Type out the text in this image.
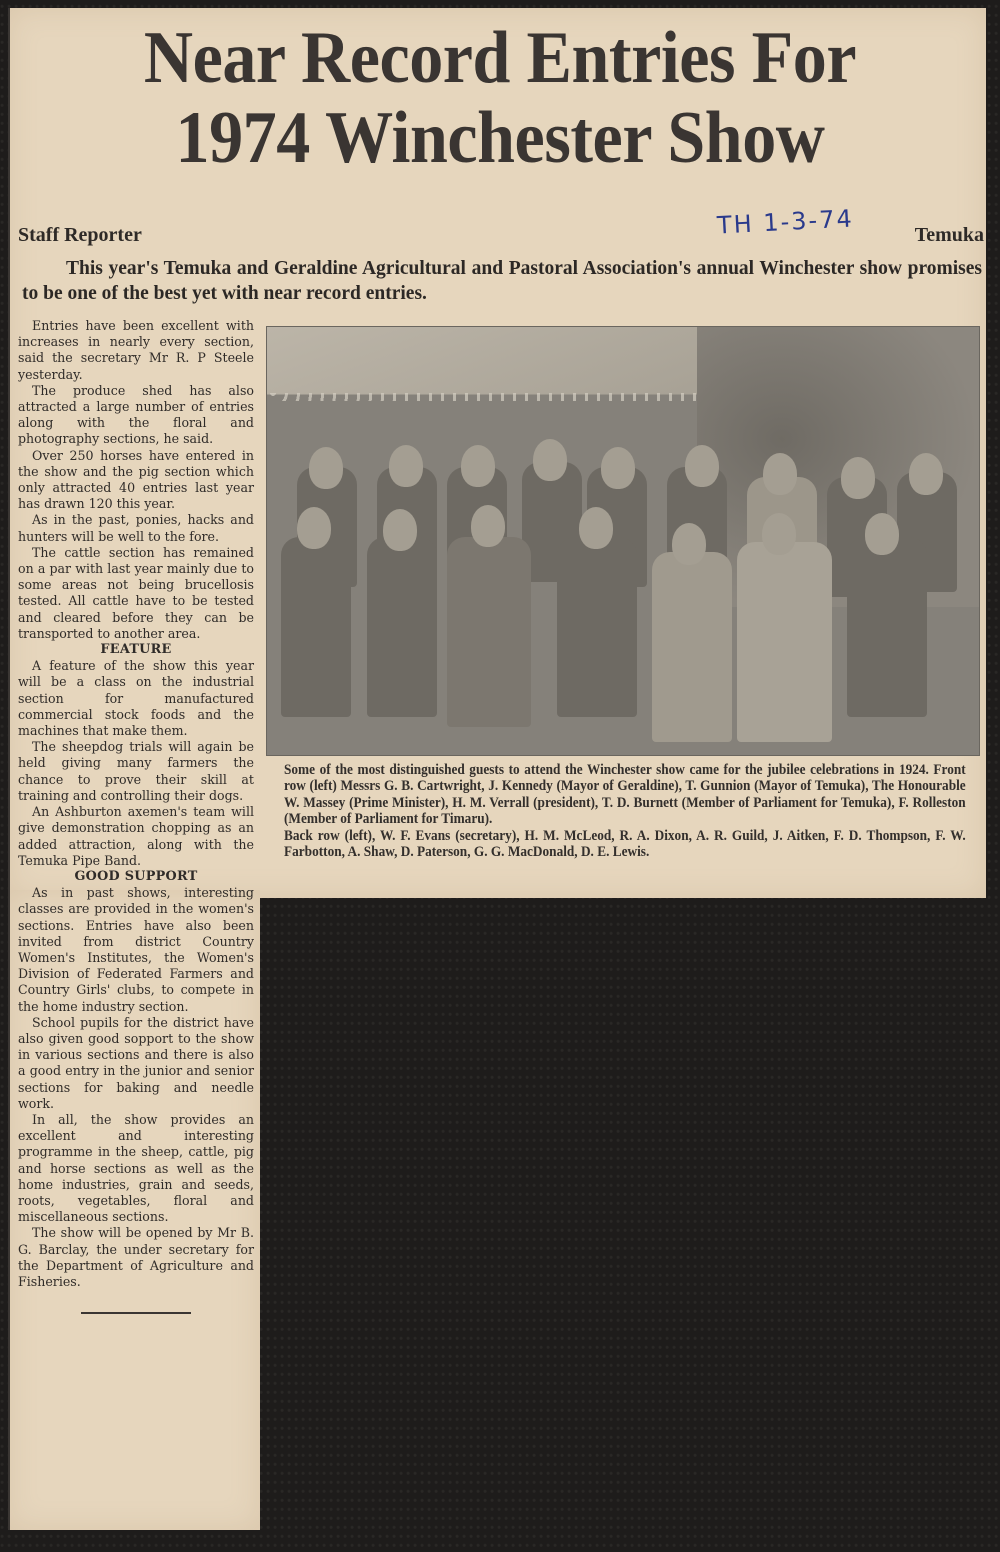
Near Record Entries For
1974 Winchester Show
Staff Reporter	TH 1-3-74	Temuka
This year's Temuka and Geraldine Agricultural and Pastoral Association's annual Winchester show promises to be one of the best yet with near record entries.

Entries have been excellent with increases in nearly every section, said the secretary Mr R. P Steele yesterday.

The produce shed has also attracted a large number of entries along with the floral and photography sections, he said.

Over 250 horses have entered in the show and the pig section which only attracted 40 entries last year has drawn 120 this year.

As in the past, ponies, hacks and hunters will be well to the fore.

The cattle section has remained on a par with last year mainly due to some areas not being brucellosis tested. All cattle have to be tested and cleared before they can be transported to another area.

FEATURE

A feature of the show this year will be a class on the industrial section for manufactured commercial stock foods and the machines that make them.

The sheepdog trials will again be held giving many farmers the chance to prove their skill at training and controlling their dogs.

An Ashburton axemen's team will give demonstration chopping as an added attraction, along with the Temuka Pipe Band.

GOOD SUPPORT

As in past shows, interesting classes are provided in the women's sections. Entries have also been invited from district Country Women's Institutes, the Women's Division of Federated Farmers and Country Girls' clubs, to compete in the home industry section.

School pupils for the district have also given good sopport to the show in various sections and there is also a good entry in the junior and senior sections for baking and needle work.

In all, the show provides an excellent and interesting programme in the sheep, cattle, pig and horse sections as well as the home industries, grain and seeds, roots, vegetables, floral and miscellaneous sections.

The show will be opened by Mr B. G. Barclay, the under secretary for the Department of Agriculture and Fisheries.

Some of the most distinguished guests to attend the Winchester show came for the jubilee celebrations in 1924. Front row (left) Messrs G. B. Cartwright, J. Kennedy (Mayor of Geraldine), T. Gunnion (Mayor of Temuka), The Honourable W. Massey (Prime Minister), H. M. Verrall (president), T. D. Burnett (Member of Parliament for Temuka), F. Rolleston (Member of Parliament for Timaru).

Back row (left), W. F. Evans (secretary), H. M. McLeod, R. A. Dixon, A. R. Guild, J. Aitken, F. D. Thompson, F. W. Farbotton, A. Shaw, D. Paterson, G. G. MacDonald, D. E. Lewis.
